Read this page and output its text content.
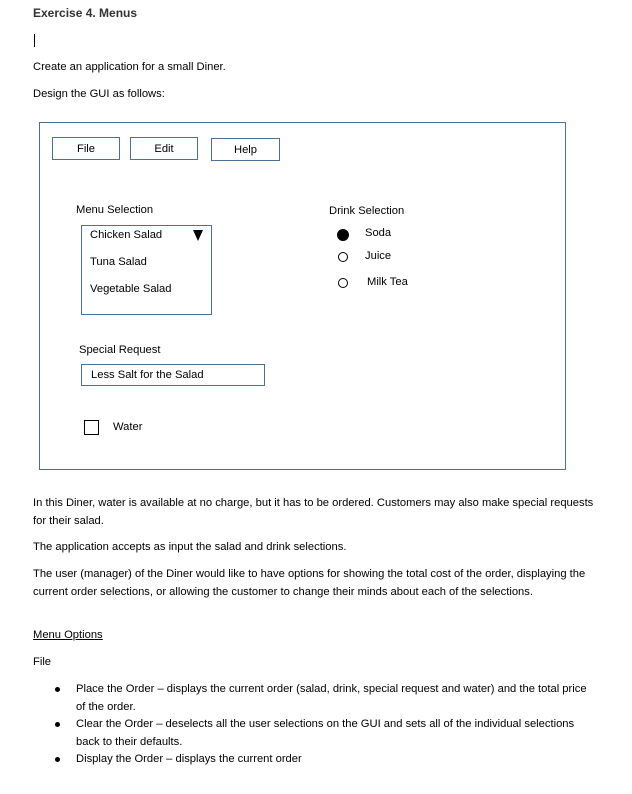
Exercise 4. Menus
Create an application for a small Diner.
Design the GUI as follows:
File	Edit	Help
Menu Selection
Chicken Salad
Tuna Salad
Vegetable Salad
Drink Selection
Soda
Juice
Milk Tea
Special Request
Less Salt for the Salad
Water
In this Diner, water is available at no charge, but it has to be ordered. Customers may also make special requests for their salad.
The application accepts as input the salad and drink selections.
The user (manager) of the Diner would like to have options for showing the total cost of the order, displaying the current order selections, or allowing the customer to change their minds about each of the selections.
Menu Options
File
Place the Order – displays the current order (salad, drink, special request and water) and the total price of the order.
Clear the Order – deselects all the user selections on the GUI and sets all of the individual selections back to their defaults.
Display the Order – displays the current order
